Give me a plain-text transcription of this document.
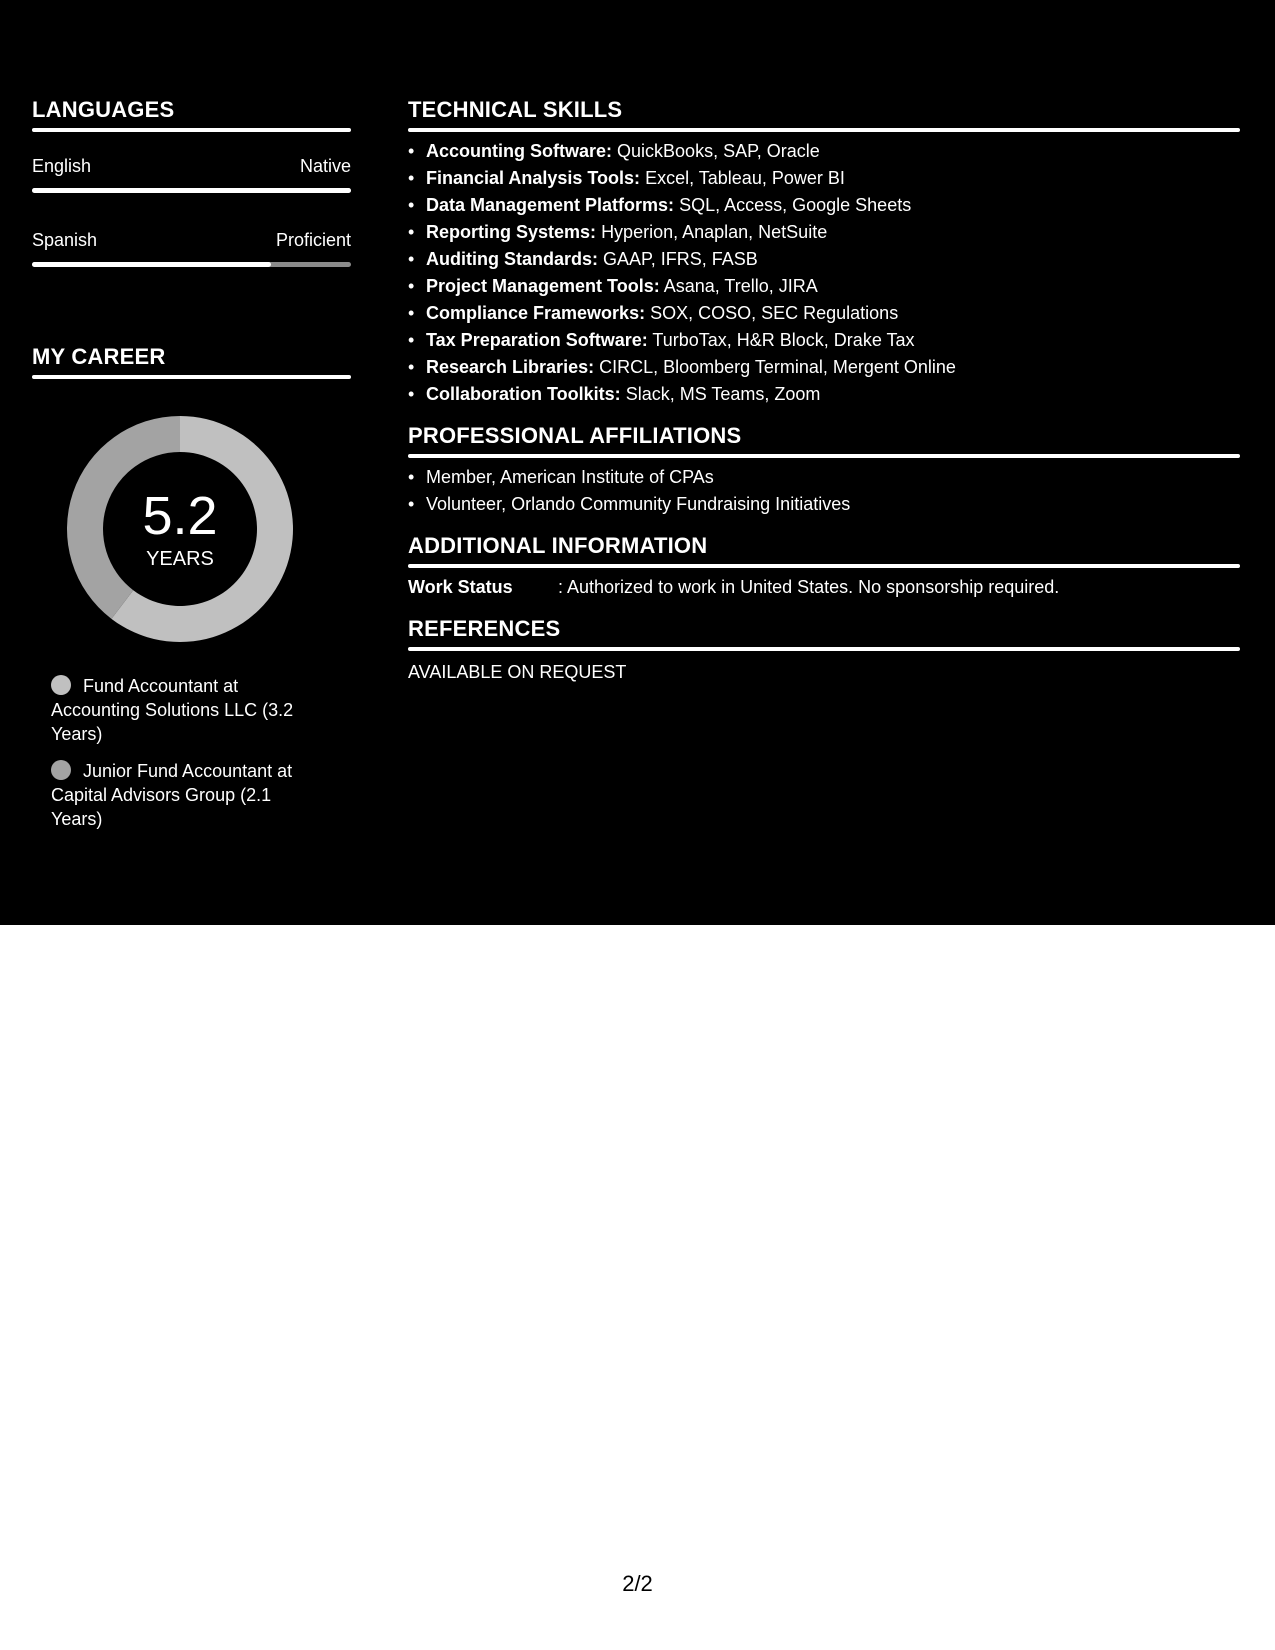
LANGUAGES
English	Native
Spanish	Proficient
MY CAREER
5.2
YEARS
Fund Accountant at Accounting Solutions LLC (3.2 Years)
Junior Fund Accountant at Capital Advisors Group (2.1 Years)
TECHNICAL SKILLS
• Accounting Software: QuickBooks, SAP, Oracle
• Financial Analysis Tools: Excel, Tableau, Power BI
• Data Management Platforms: SQL, Access, Google Sheets
• Reporting Systems: Hyperion, Anaplan, NetSuite
• Auditing Standards: GAAP, IFRS, FASB
• Project Management Tools: Asana, Trello, JIRA
• Compliance Frameworks: SOX, COSO, SEC Regulations
• Tax Preparation Software: TurboTax, H&R Block, Drake Tax
• Research Libraries: CIRCL, Bloomberg Terminal, Mergent Online
• Collaboration Toolkits: Slack, MS Teams, Zoom
PROFESSIONAL AFFILIATIONS
• Member, American Institute of CPAs
• Volunteer, Orlando Community Fundraising Initiatives
ADDITIONAL INFORMATION
Work Status	: Authorized to work in United States. No sponsorship required.
REFERENCES
AVAILABLE ON REQUEST
2/2
